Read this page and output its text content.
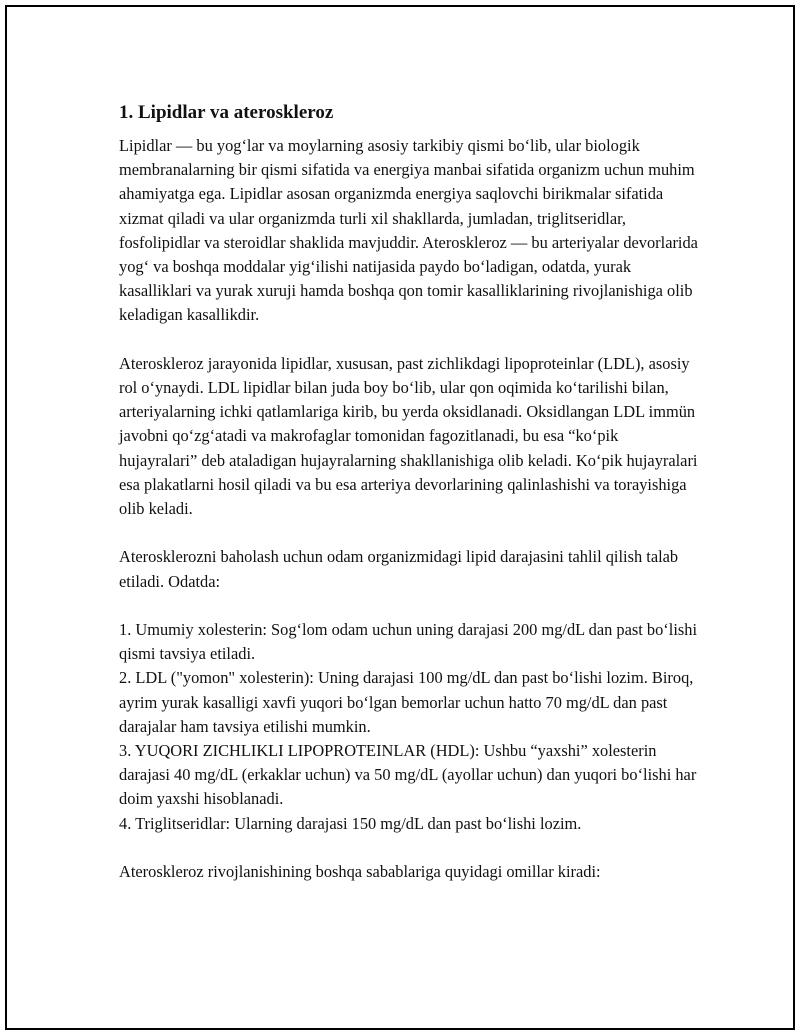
1. Lipidlar va ateroskleroz

Lipidlar — bu yog‘lar va moylarning asosiy tarkibiy qismi bo‘lib, ular biologik membranalarning bir qismi sifatida va energiya manbai sifatida organizm uchun muhim ahamiyatga ega. Lipidlar asosan organizmda energiya saqlovchi birikmalar sifatida xizmat qiladi va ular organizmda turli xil shakllarda, jumladan, triglitseridlar, fosfolipidlar va steroidlar shaklida mavjuddir. Ateroskleroz — bu arteriyalar devorlarida yog‘ va boshqa moddalar yig‘ilishi natijasida paydo bo‘ladigan, odatda, yurak kasalliklari va yurak xuruji hamda boshqa qon tomir kasalliklarining rivojlanishiga olib keladigan kasallikdir.

Ateroskleroz jarayonida lipidlar, xususan, past zichlikdagi lipoproteinlar (LDL), asosiy rol o‘ynaydi. LDL lipidlar bilan juda boy bo‘lib, ular qon oqimida ko‘tarilishi bilan, arteriyalarning ichki qatlamlariga kirib, bu yerda oksidlanadi. Oksidlangan LDL immün javobni qo‘zg‘atadi va makrofaglar tomonidan fagozitlanadi, bu esa “ko‘pik hujayralari” deb ataladigan hujayralarning shakllanishiga olib keladi. Ko‘pik hujayralari esa plakatlarni hosil qiladi va bu esa arteriya devorlarining qalinlashishi va torayishiga olib keladi.

Aterosklerozni baholash uchun odam organizmidagi lipid darajasini tahlil qilish talab etiladi. Odatda:

1. Umumiy xolesterin: Sog‘lom odam uchun uning darajasi 200 mg/dL dan past bo‘lishi qismi tavsiya etiladi.

2. LDL ("yomon" xolesterin): Uning darajasi 100 mg/dL dan past bo‘lishi lozim. Biroq, ayrim yurak kasalligi xavfi yuqori bo‘lgan bemorlar uchun hatto 70 mg/dL dan past darajalar ham tavsiya etilishi mumkin.

3. YUQORI ZICHLIKLI LIPOPROTEINLAR (HDL): Ushbu “yaxshi” xolesterin darajasi 40 mg/dL (erkaklar uchun) va 50 mg/dL (ayollar uchun) dan yuqori bo‘lishi har doim yaxshi hisoblanadi.

4. Triglitseridlar: Ularning darajasi 150 mg/dL dan past bo‘lishi lozim.

Ateroskleroz rivojlanishining boshqa sabablariga quyidagi omillar kiradi:
